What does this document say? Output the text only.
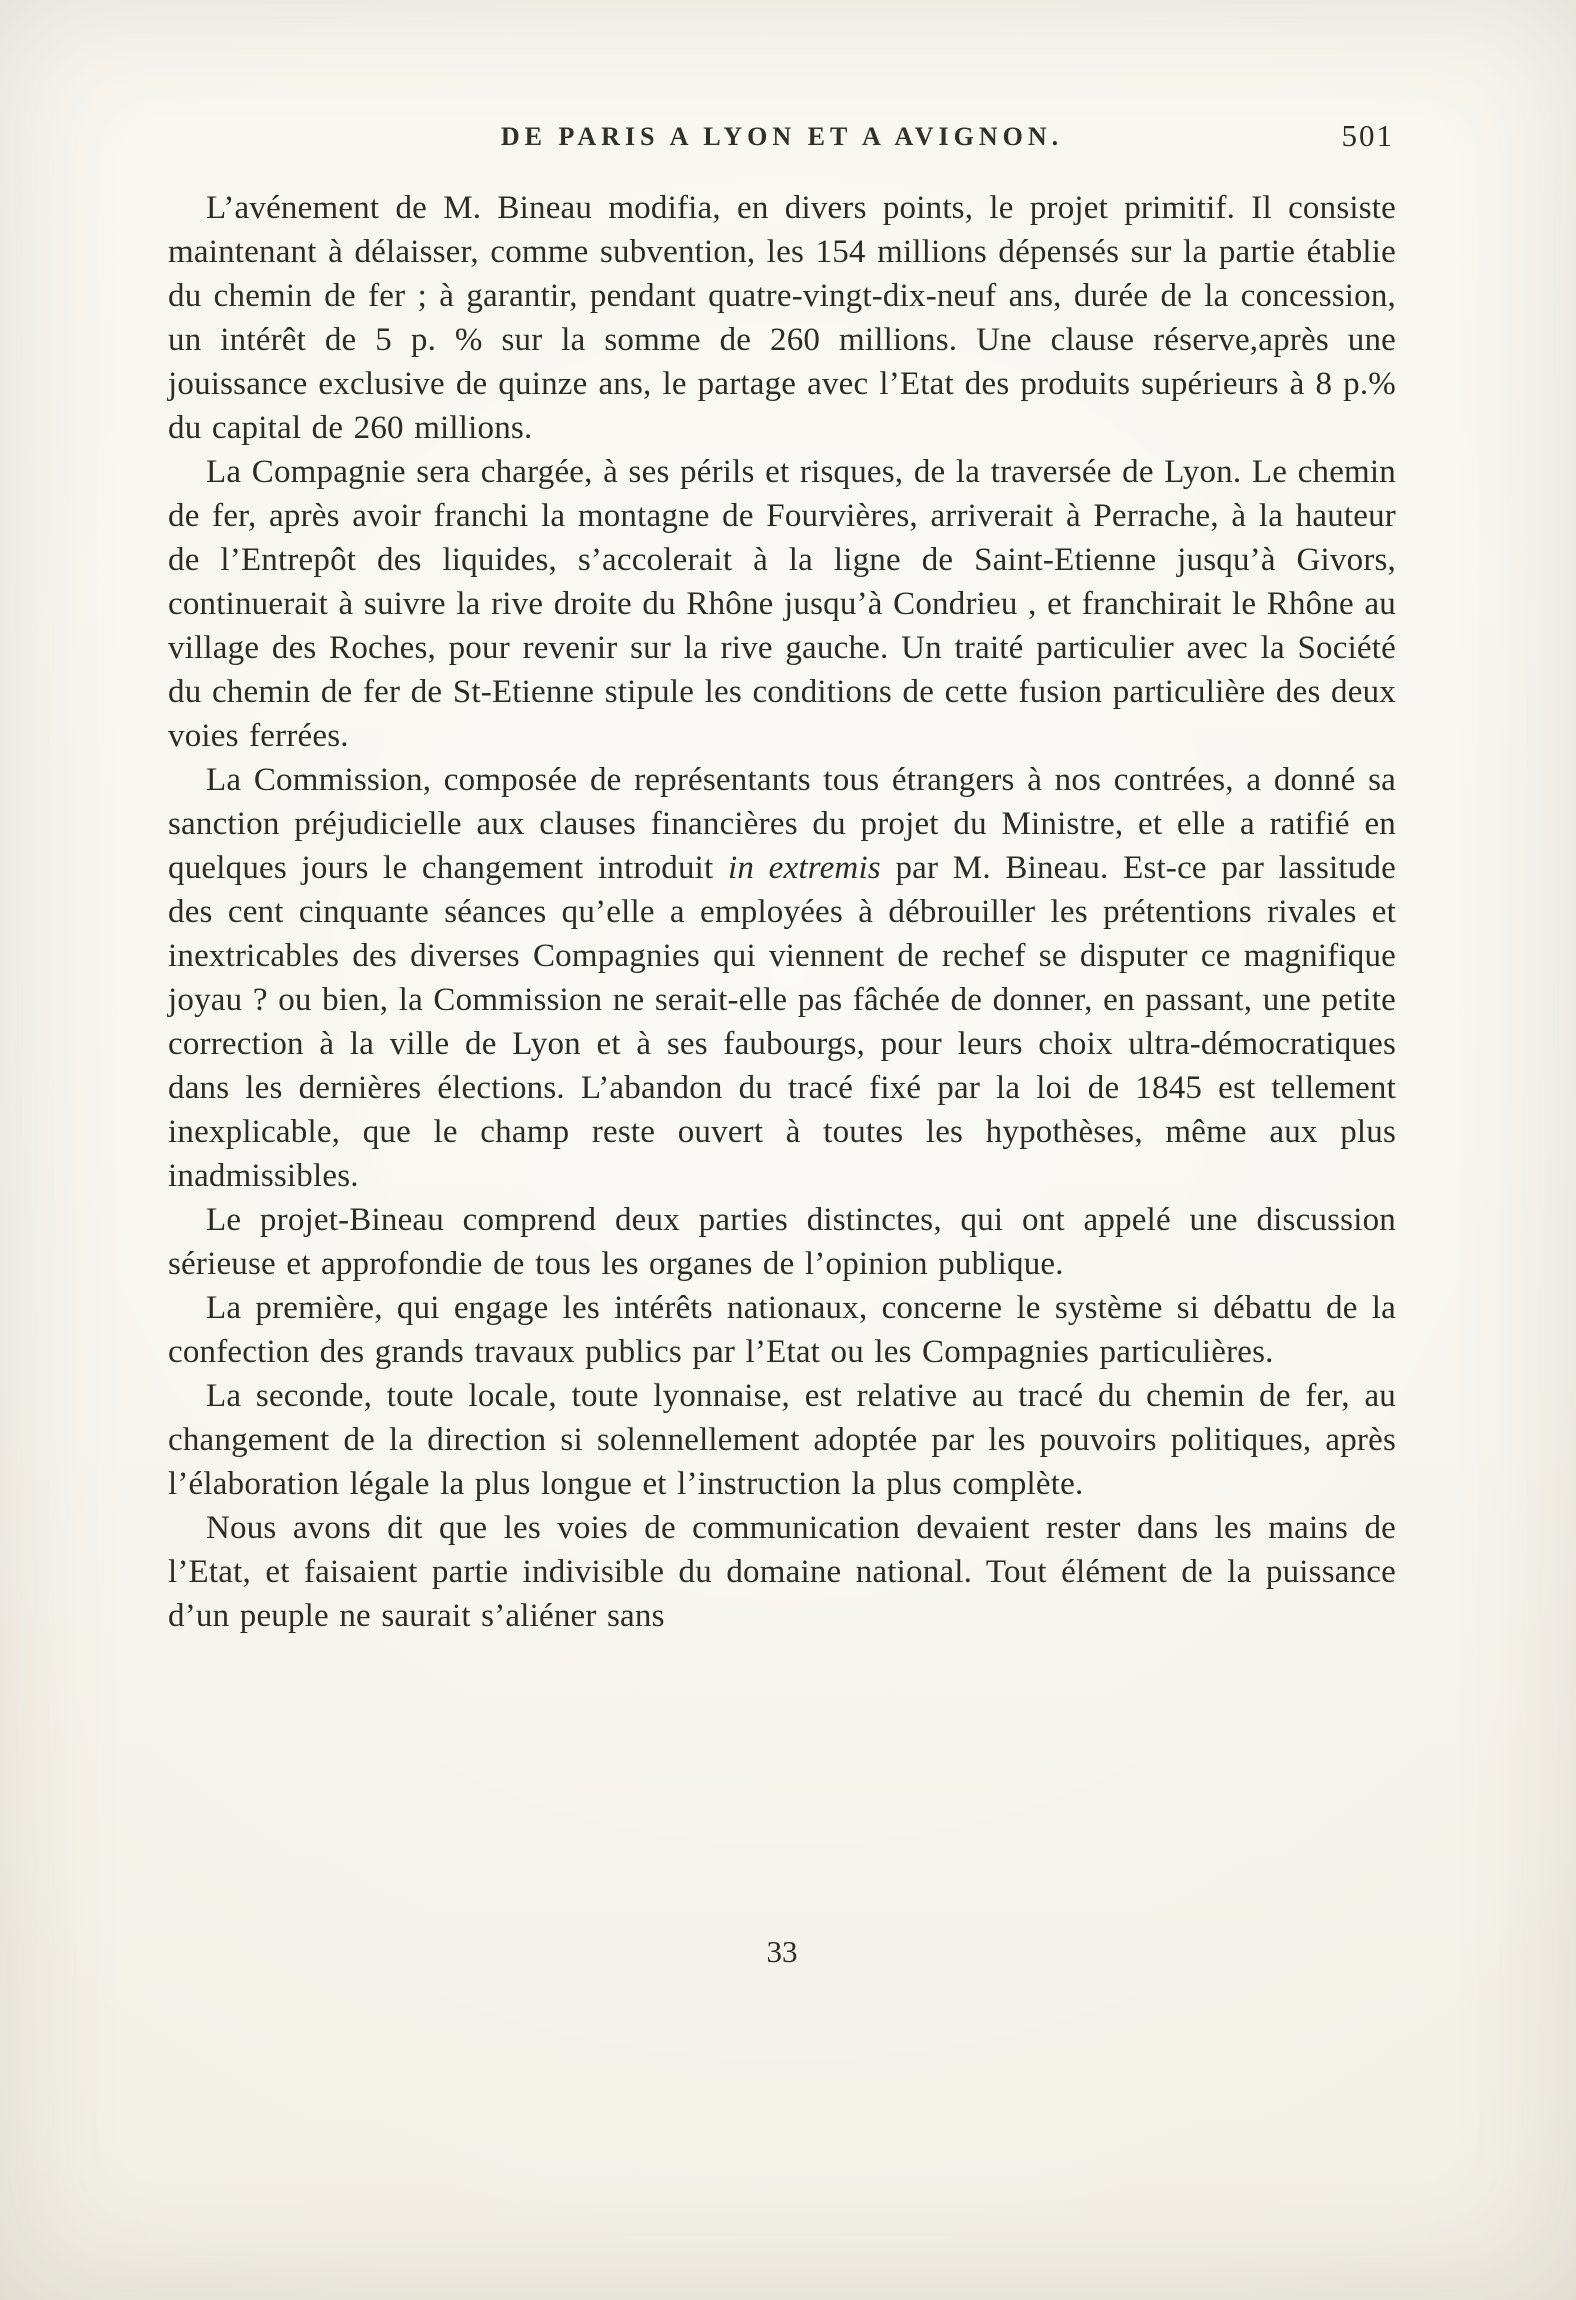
DE PARIS A LYON ET A AVIGNON.	501

L’avénement de M. Bineau modifia, en divers points, le projet primitif. Il consiste maintenant à délaisser, comme subvention, les 154 millions dépensés sur la partie établie du chemin de fer ; à garantir, pendant quatre-vingt-dix-neuf ans, durée de la concession, un intérêt de 5 p. % sur la somme de 260 millions. Une clause réserve,après une jouissance exclusive de quinze ans, le partage avec l’Etat des produits supérieurs à 8 p.% du capital de 260 millions.

La Compagnie sera chargée, à ses périls et risques, de la traversée de Lyon. Le chemin de fer, après avoir franchi la montagne de Fourvières, arriverait à Perrache, à la hauteur de l’Entrepôt des liquides, s’accolerait à la ligne de Saint-Etienne jusqu’à Givors, continuerait à suivre la rive droite du Rhône jusqu’à Condrieu , et franchirait le Rhône au village des Roches, pour revenir sur la rive gauche. Un traité particulier avec la Société du chemin de fer de St-Etienne stipule les conditions de cette fusion particulière des deux voies ferrées.

La Commission, composée de représentants tous étrangers à nos contrées, a donné sa sanction préjudicielle aux clauses financières du projet du Ministre, et elle a ratifié en quelques jours le changement introduit in extremis par M. Bineau. Est-ce par lassitude des cent cinquante séances qu’elle a employées à débrouiller les prétentions rivales et inextricables des diverses Compagnies qui viennent de rechef se disputer ce magnifique joyau ? ou bien, la Commission ne serait-elle pas fâchée de donner, en passant, une petite correction à la ville de Lyon et à ses faubourgs, pour leurs choix ultra-démocratiques dans les dernières élections. L’abandon du tracé fixé par la loi de 1845 est tellement inexplicable, que le champ reste ouvert à toutes les hypothèses, même aux plus inadmissibles.

Le projet-Bineau comprend deux parties distinctes, qui ont appelé une discussion sérieuse et approfondie de tous les organes de l’opinion publique.

La première, qui engage les intérêts nationaux, concerne le système si débattu de la confection des grands travaux publics par l’Etat ou les Compagnies particulières.

La seconde, toute locale, toute lyonnaise, est relative au tracé du chemin de fer, au changement de la direction si solennellement adoptée par les pouvoirs politiques, après l’élaboration légale la plus longue et l’instruction la plus complète.

Nous avons dit que les voies de communication devaient rester dans les mains de l’Etat, et faisaient partie indivisible du domaine national. Tout élément de la puissance d’un peuple ne saurait s’aliéner sans

33
